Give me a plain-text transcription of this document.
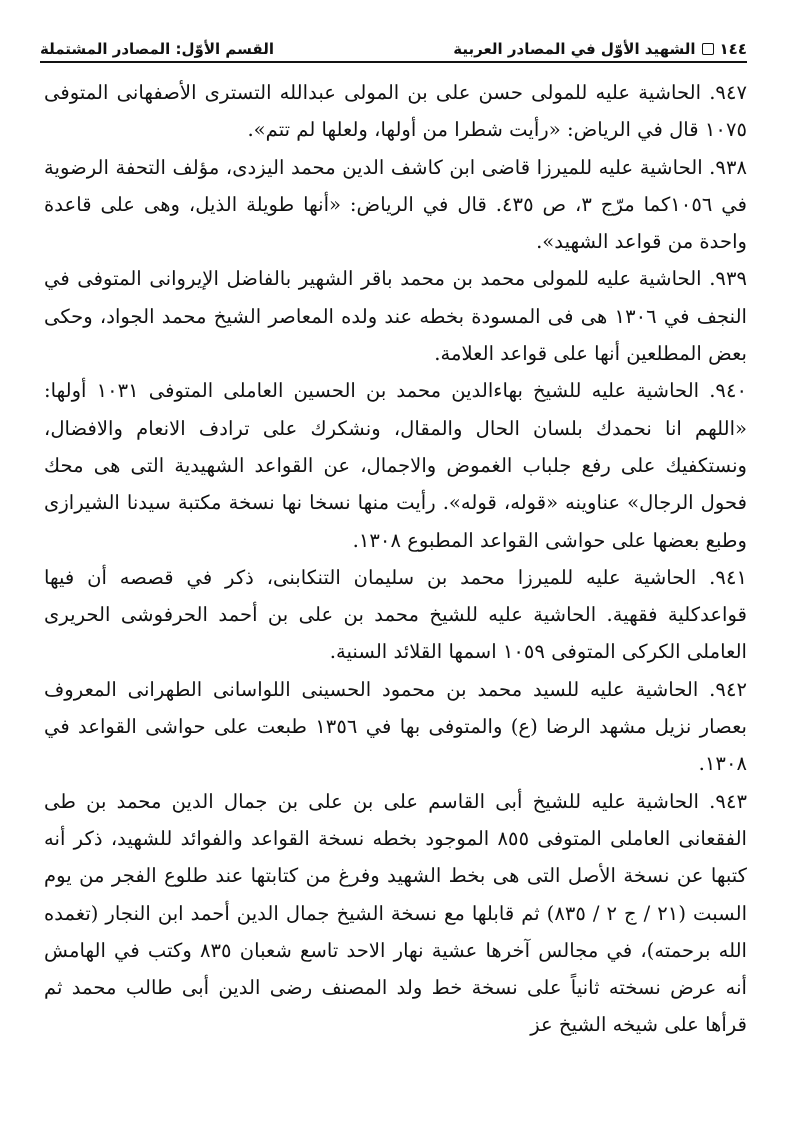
١٤٤
الشهيد الأوّل في المصادر العربية
القسم الأوّل: المصادر المشتملة

٩٤٧. الحاشية عليه للمولى حسن على بن المولى عبدالله التسترى الأصفهانى المتوفى ١٠٧٥ قال في الرياض: «رأيت شطرا من أولها، ولعلها لم تتم».

٩٣٨. الحاشية عليه للميرزا قاضى ابن كاشف الدين محمد اليزدى، مؤلف التحفة الرضوية في ١٠٥٦كما مرّج ٣، ص ٤٣٥. قال في الرياض: «أنها طويلة الذيل، وهى على قاعدة واحدة من قواعد الشهيد».

٩٣٩. الحاشية عليه للمولى محمد بن محمد باقر الشهير بالفاضل الإيروانى المتوفى في النجف في ١٣٠٦ هى فى المسودة بخطه عند ولده المعاصر الشيخ محمد الجواد، وحكى بعض المطلعين أنها على قواعد العلامة.

٩٤٠. الحاشية عليه للشيخ بهاءالدين محمد بن الحسين العاملى المتوفى ١٠٣١ أولها: «اللهم انا نحمدك بلسان الحال والمقال، ونشكرك على ترادف الانعام والافضال، ونستكفيك على رفع جلباب الغموض والاجمال، عن القواعد الشهيدية التى هى محك فحول الرجال» عناوينه «قوله، قوله». رأيت منها نسخا نها نسخة مكتبة سيدنا الشيرازى وطبع بعضها على حواشى القواعد المطبوع ١٣٠٨.

٩٤١. الحاشية عليه للميرزا محمد بن سليمان التنكابنى، ذكر في قصصه أن فيها قواعدكلية فقهية. الحاشية عليه للشيخ محمد بن على بن أحمد الحرفوشى الحريرى العاملى الكركى المتوفى ١٠٥٩ اسمها القلائد السنية.

٩٤٢. الحاشية عليه للسيد محمد بن محمود الحسينى اللواسانى الطهرانى المعروف بعصار نزيل مشهد الرضا (ع) والمتوفى بها في ١٣٥٦ طبعت على حواشى القواعد في ١٣٠٨.

٩٤٣. الحاشية عليه للشيخ أبى القاسم على بن على بن جمال الدين محمد بن طى الفقعانى العاملى المتوفى ٨٥٥ الموجود بخطه نسخة القواعد والفوائد للشهيد، ذكر أنه كتبها عن نسخة الأصل التى هى بخط الشهيد وفرغ من كتابتها عند طلوع الفجر من يوم السبت (٢١ / ج ٢ / ٨٣٥) ثم قابلها مع نسخة الشيخ جمال الدين أحمد ابن النجار (تغمده الله برحمته)، في مجالس آخرها عشية نهار الاحد تاسع شعبان ٨٣٥ وكتب في الهامش أنه عرض نسخته ثانياً على نسخة خط ولد المصنف رضى الدين أبى طالب محمد ثم قرأها على شيخه الشيخ عز
